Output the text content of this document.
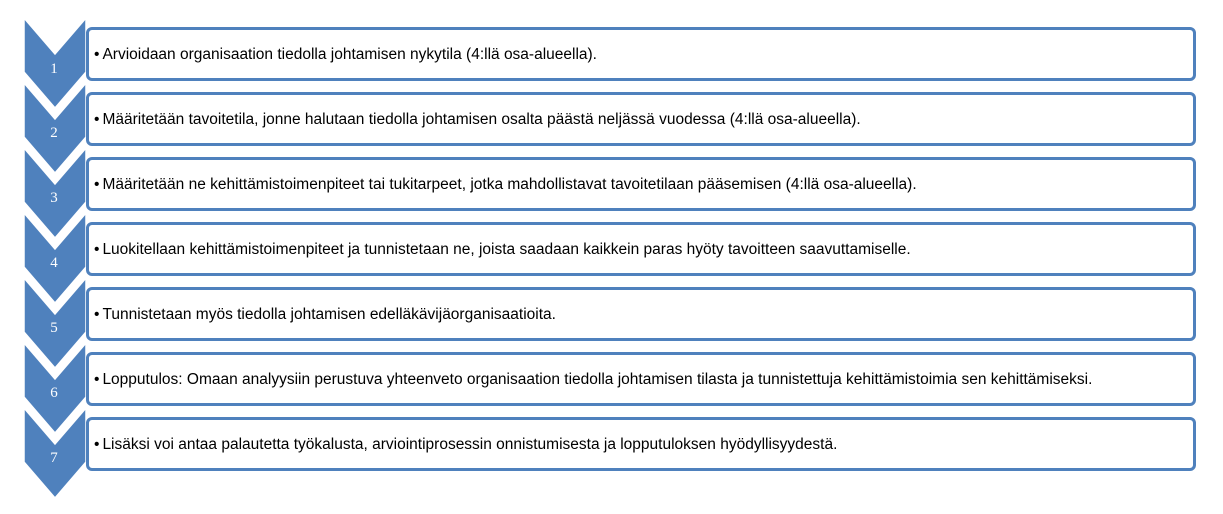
• Arvioidaan organisaation tiedolla johtamisen nykytila (4:llä osa-alueella).
• Määritetään tavoitetila, jonne halutaan tiedolla johtamisen osalta päästä neljässä vuodessa (4:llä osa-alueella).
• Määritetään ne kehittämistoimenpiteet tai tukitarpeet, jotka mahdollistavat tavoitetilaan pääsemisen (4:llä osa-alueella).
• Luokitellaan kehittämistoimenpiteet ja tunnistetaan ne, joista saadaan kaikkein paras hyöty tavoitteen saavuttamiselle.
• Tunnistetaan myös tiedolla johtamisen edelläkävijäorganisaatioita.
• Lopputulos: Omaan analyysiin perustuva yhteenveto organisaation tiedolla johtamisen tilasta ja tunnistettuja kehittämistoimia sen kehittämiseksi.
• Lisäksi voi antaa palautetta työkalusta, arviointiprosessin onnistumisesta ja lopputuloksen hyödyllisyydestä.
1
2
3
4
5
6
7
